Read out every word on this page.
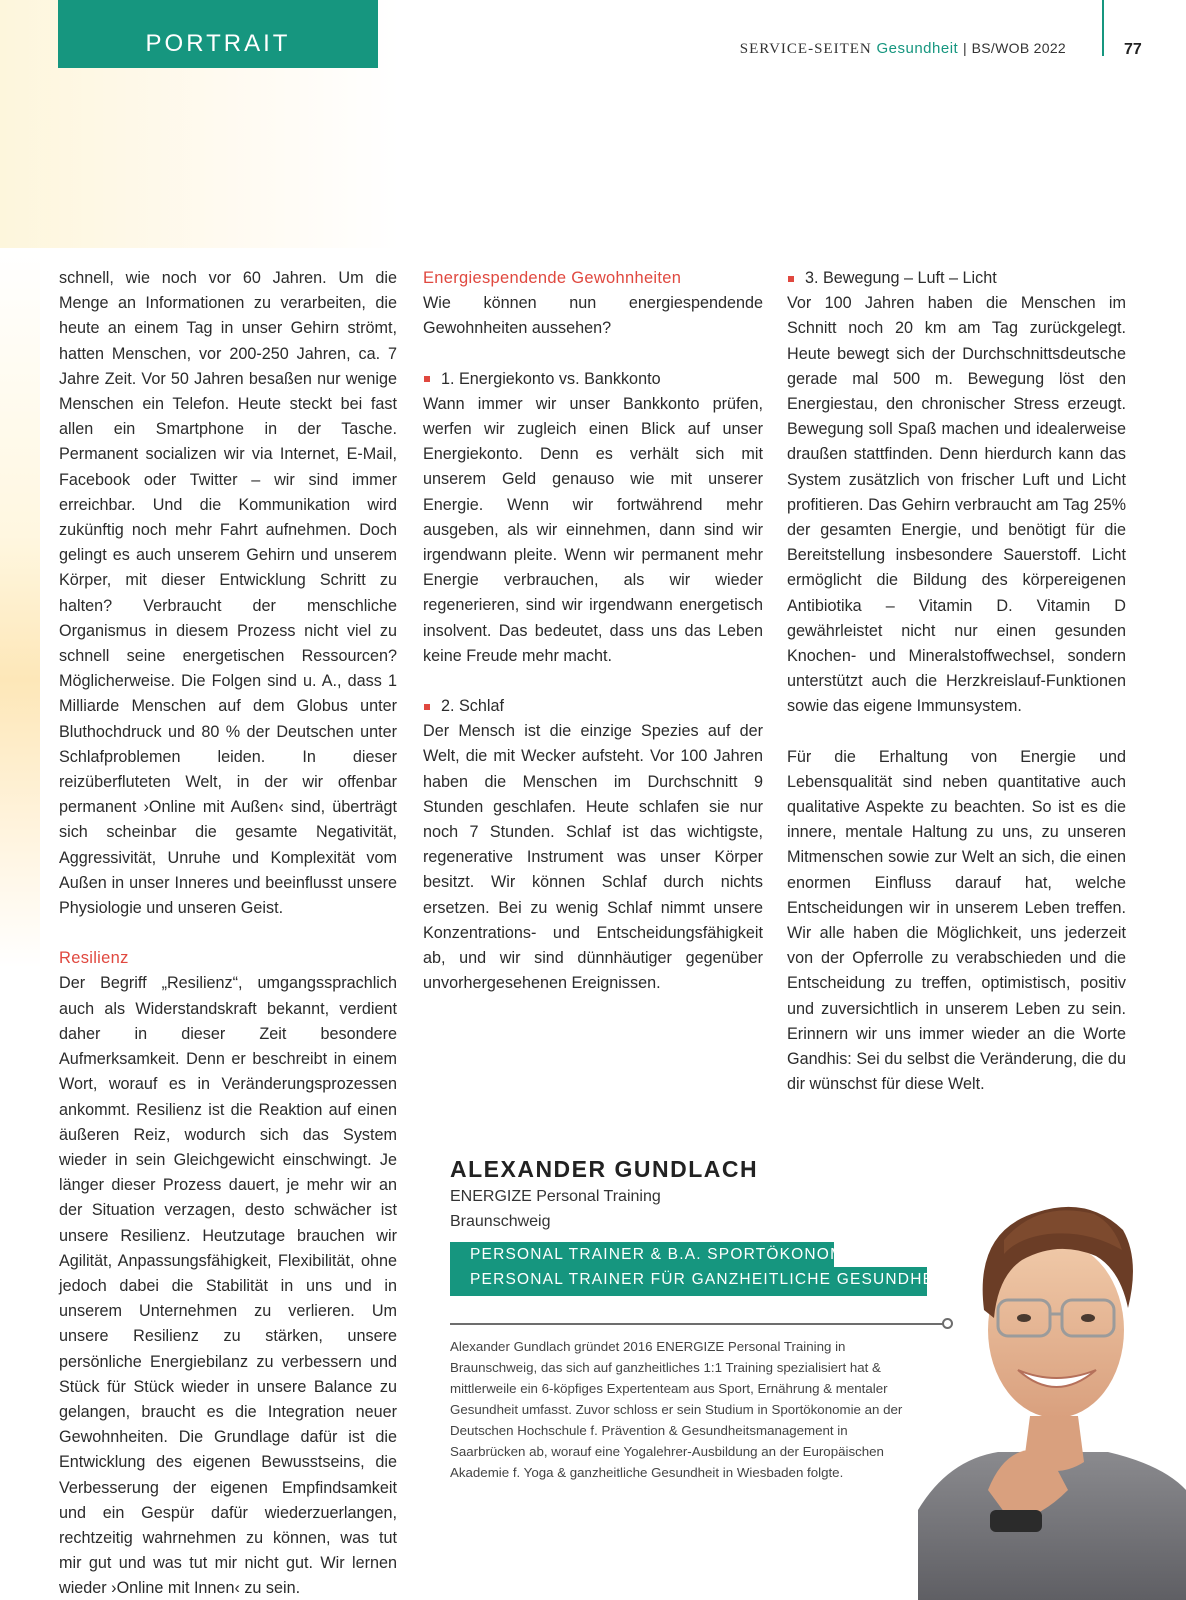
PORTRAIT	SERVICE-SEITEN Gesundheit | BS/WOB 2022	77

schnell, wie noch vor 60 Jahren. Um die Menge an Informationen zu verarbeiten, die heute an einem Tag in unser Gehirn strömt, hatten Menschen, vor 200-250 Jahren, ca. 7 Jahre Zeit. Vor 50 Jahren besaßen nur wenige Menschen ein Telefon. Heute steckt bei fast allen ein Smartphone in der Tasche. Permanent socializen wir via Internet, E-Mail, Facebook oder Twitter – wir sind immer erreichbar. Und die Kommunikation wird zukünftig noch mehr Fahrt aufnehmen. Doch gelingt es auch unserem Gehirn und unserem Körper, mit dieser Entwicklung Schritt zu halten? Verbraucht der menschliche Organismus in diesem Prozess nicht viel zu schnell seine energetischen Ressourcen? Möglicherweise. Die Folgen sind u. A., dass 1 Milliarde Menschen auf dem Globus unter Bluthochdruck und 80 % der Deutschen unter Schlafproblemen leiden. In dieser reizüberfluteten Welt, in der wir offenbar permanent ›Online mit Außen‹ sind, überträgt sich scheinbar die gesamte Negativität, Aggressivität, Unruhe und Komplexität vom Außen in unser Inneres und beeinflusst unsere Physiologie und unseren Geist.

Resilienz

Der Begriff „Resilienz“, umgangssprachlich auch als Widerstandskraft bekannt, verdient daher in dieser Zeit besondere Aufmerksamkeit. Denn er beschreibt in einem Wort, worauf es in Veränderungsprozessen ankommt. Resilienz ist die Reaktion auf einen äußeren Reiz, wodurch sich das System wieder in sein Gleichgewicht einschwingt. Je länger dieser Prozess dauert, je mehr wir an der Situation verzagen, desto schwächer ist unsere Resilienz. Heutzutage brauchen wir Agilität, Anpassungsfähigkeit, Flexibilität, ohne jedoch dabei die Stabilität in uns und in unserem Unternehmen zu verlieren. Um unsere Resilienz zu stärken, unsere persönliche Energiebilanz zu verbessern und Stück für Stück wieder in unsere Balance zu gelangen, braucht es die Integration neuer Gewohnheiten. Die Grundlage dafür ist die Entwicklung des eigenen Bewusstseins, die Verbesserung der eigenen Empfindsamkeit und ein Gespür dafür wiederzuerlangen, rechtzeitig wahrnehmen zu können, was tut mir gut und was tut mir nicht gut. Wir lernen wieder ›Online mit Innen‹ zu sein.

Energiespendende Gewohnheiten

Wie können nun energiespendende Gewohnheiten aussehen?

1. Energiekonto vs. Bankkonto

Wann immer wir unser Bankkonto prüfen, werfen wir zugleich einen Blick auf unser Energiekonto. Denn es verhält sich mit unserem Geld genauso wie mit unserer Energie. Wenn wir fortwährend mehr ausgeben, als wir einnehmen, dann sind wir irgendwann pleite. Wenn wir permanent mehr Energie verbrauchen, als wir wieder regenerieren, sind wir irgendwann energetisch insolvent. Das bedeutet, dass uns das Leben keine Freude mehr macht.

2. Schlaf

Der Mensch ist die einzige Spezies auf der Welt, die mit Wecker aufsteht. Vor 100 Jahren haben die Menschen im Durchschnitt 9 Stunden geschlafen. Heute schlafen sie nur noch 7 Stunden. Schlaf ist das wichtigste, regenerative Instrument was unser Körper besitzt. Wir können Schlaf durch nichts ersetzen. Bei zu wenig Schlaf nimmt unsere Konzentrations- und Entscheidungsfähigkeit ab, und wir sind dünnhäutiger gegenüber unvorhergesehenen Ereignissen.

3. Bewegung – Luft – Licht

Vor 100 Jahren haben die Menschen im Schnitt noch 20 km am Tag zurückgelegt. Heute bewegt sich der Durchschnittsdeutsche gerade mal 500 m. Bewegung löst den Energiestau, den chronischer Stress erzeugt. Bewegung soll Spaß machen und idealerweise draußen stattfinden. Denn hierdurch kann das System zusätzlich von frischer Luft und Licht profitieren. Das Gehirn verbraucht am Tag 25% der gesamten Energie, und benötigt für die Bereitstellung insbesondere Sauerstoff. Licht ermöglicht die Bildung des körpereigenen Antibiotika – Vitamin D. Vitamin D gewährleistet nicht nur einen gesunden Knochen- und Mineralstoffwechsel, sondern unterstützt auch die Herzkreislauf-Funktionen sowie das eigene Immunsystem.

Für die Erhaltung von Energie und Lebensqualität sind neben quantitative auch qualitative Aspekte zu beachten. So ist es die innere, mentale Haltung zu uns, zu unseren Mitmenschen sowie zur Welt an sich, die einen enormen Einfluss darauf hat, welche Entscheidungen wir in unserem Leben treffen. Wir alle haben die Möglichkeit, uns jederzeit von der Opferrolle zu verabschieden und die Entscheidung zu treffen, optimistisch, positiv und zuversichtlich in unserem Leben zu sein. Erinnern wir uns immer wieder an die Worte Gandhis: Sei du selbst die Veränderung, die du dir wünschst für diese Welt.

ALEXANDER GUNDLACH
ENERGIZE Personal Training
Braunschweig
PERSONAL TRAINER & B.A. SPORTÖKONOM
PERSONAL TRAINER FÜR GANZHEITLICHE GESUNDHEIT
Alexander Gundlach gründet 2016 ENERGIZE Personal Training in Braunschweig, das sich auf ganzheitliches 1:1 Training spezialisiert hat & mittlerweile ein 6-köpfiges Expertenteam aus Sport, Ernährung & mentaler Gesundheit umfasst. Zuvor schloss er sein Studium in Sportökonomie an der Deutschen Hochschule f. Prävention & Gesundheitsmanagement in Saarbrücken ab, worauf eine Yogalehrer-Ausbildung an der Europäischen Akademie f. Yoga & ganzheitliche Gesundheit in Wiesbaden folgte.
